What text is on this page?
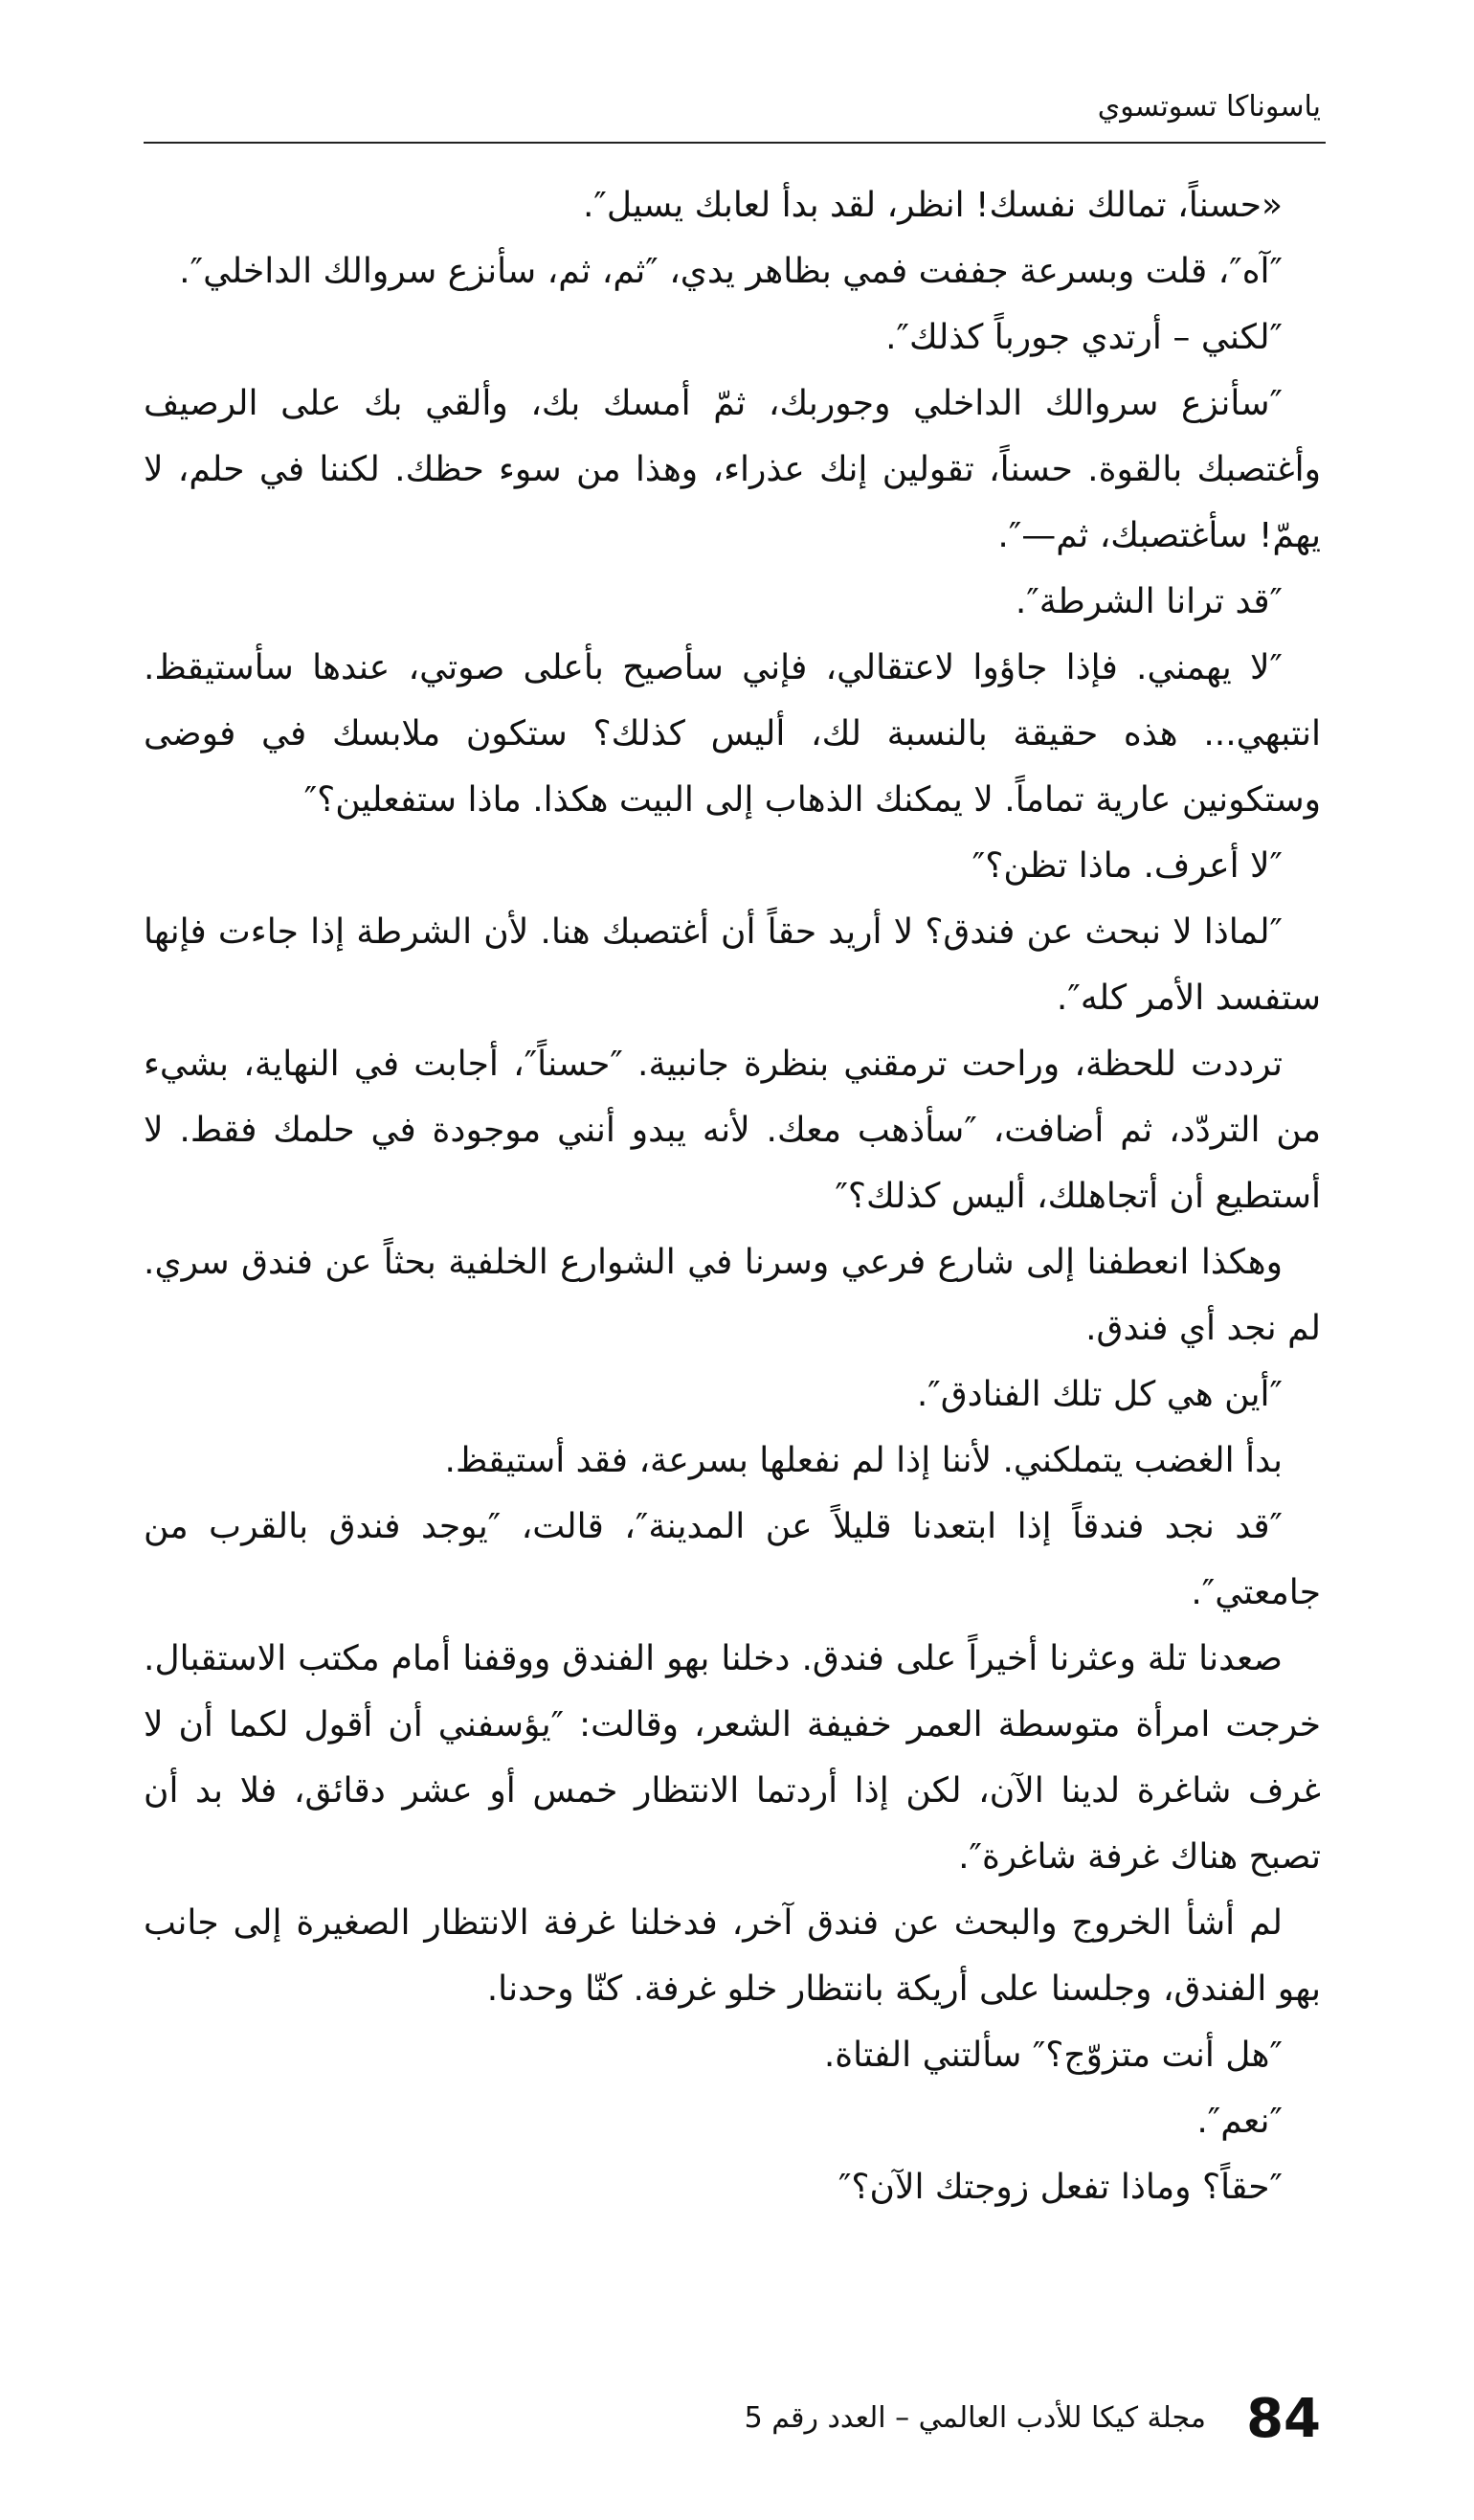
ياسوناكا تسوتسوي

«حسناً، تمالك نفسك! انظر، لقد بدأ لعابك يسيل″.

″آه″، قلت وبسرعة جففت فمي بظاهر يدي، ″ثم، ثم، سأنزع سروالك الداخلي″.

″لكني – أرتدي جورباً كذلك″.

″سأنزع سروالك الداخلي وجوربك، ثمّ أمسك بك، وألقي بك على الرصيف وأغتصبك بالقوة. حسناً، تقولين إنك عذراء، وهذا من سوء حظك. لكننا في حلم، لا يهمّ! سأغتصبك، ثم—″.

″قد ترانا الشرطة″.

″لا يهمني. فإذا جاؤوا لاعتقالي، فإني سأصيح بأعلى صوتي، عندها سأستيقظ. انتبهي... هذه حقيقة بالنسبة لك، أليس كذلك؟ ستكون ملابسك في فوضى وستكونين عارية تماماً. لا يمكنك الذهاب إلى البيت هكذا. ماذا ستفعلين؟″

″لا أعرف. ماذا تظن؟″

″لماذا لا نبحث عن فندق؟ لا أريد حقاً أن أغتصبك هنا. لأن الشرطة إذا جاءت فإنها ستفسد الأمر كله″.

ترددت للحظة، وراحت ترمقني بنظرة جانبية. ″حسناً″، أجابت في النهاية، بشيء من التردّد، ثم أضافت، ″سأذهب معك. لأنه يبدو أنني موجودة في حلمك فقط. لا أستطيع أن أتجاهلك، أليس كذلك؟″

وهكذا انعطفنا إلى شارع فرعي وسرنا في الشوارع الخلفية بحثاً عن فندق سري. لم نجد أي فندق.

″أين هي كل تلك الفنادق″.

بدأ الغضب يتملكني. لأننا إذا لم نفعلها بسرعة، فقد أستيقظ.

″قد نجد فندقاً إذا ابتعدنا قليلاً عن المدينة″، قالت، ″يوجد فندق بالقرب من جامعتي″.

صعدنا تلة وعثرنا أخيراً على فندق. دخلنا بهو الفندق ووقفنا أمام مكتب الاستقبال. خرجت امرأة متوسطة العمر خفيفة الشعر، وقالت: ″يؤسفني أن أقول لكما أن لا غرف شاغرة لدينا الآن، لكن إذا أردتما الانتظار خمس أو عشر دقائق، فلا بد أن تصبح هناك غرفة شاغرة″.

لم أشأ الخروج والبحث عن فندق آخر، فدخلنا غرفة الانتظار الصغيرة إلى جانب بهو الفندق، وجلسنا على أريكة بانتظار خلو غرفة. كنّا وحدنا.

″هل أنت متزوّج؟″ سألتني الفتاة.

″نعم″.

″حقاً؟ وماذا تفعل زوجتك الآن؟″

84
مجلة كيكا للأدب العالمي – العدد رقم 5
